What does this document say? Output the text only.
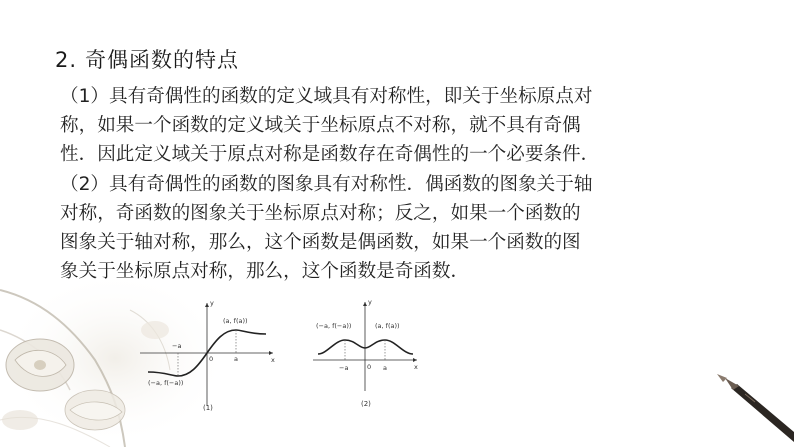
2. 奇偶函数的特点
（1）具有奇偶性的函数的定义域具有对称性，即关于坐标原点对
称，如果一个函数的定义域关于坐标原点不对称，就不具有奇偶
性．因此定义域关于原点对称是函数存在奇偶性的一个必要条件．
（2）具有奇偶性的函数的图象具有对称性．偶函数的图象关于轴
对称，奇函数的图象关于坐标原点对称；反之，如果一个函数的
图象关于轴对称，那么，这个函数是偶函数，如果一个函数的图
象关于坐标原点对称，那么，这个函数是奇函数．
y
x
0
(a, f(a))
(−a, f(−a))
−a
a
(1)
y
x
0
(−a, f(−a))	(a, f(a))
−a	a
(2)
